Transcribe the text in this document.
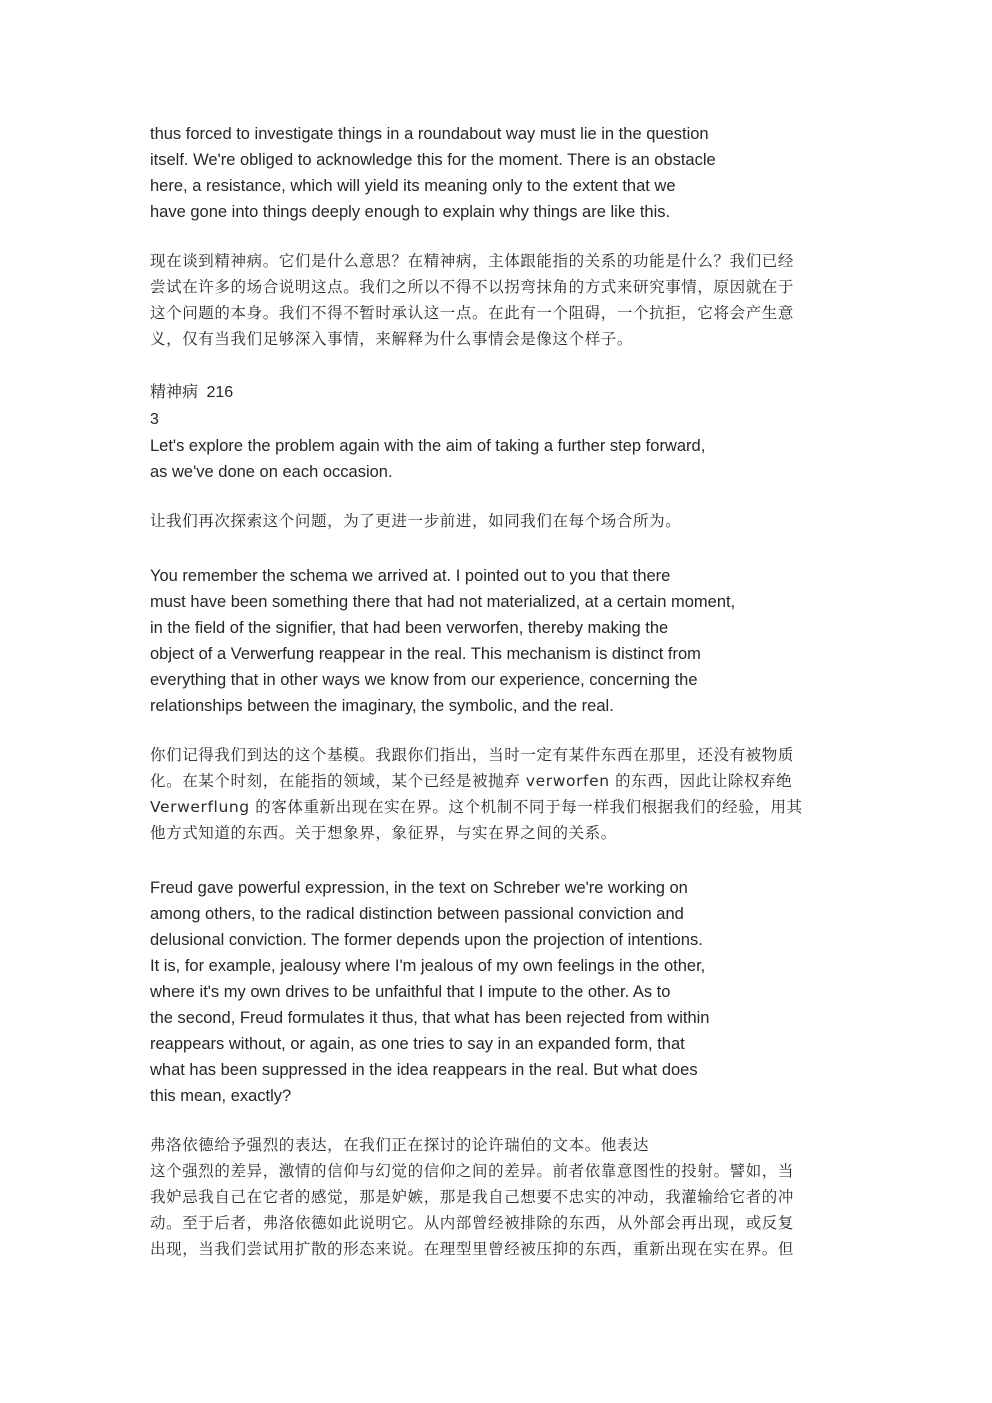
thus forced to investigate things in a roundabout way must lie in the question
itself. We're obliged to acknowledge this for the moment. There is an obstacle
here, a resistance, which will yield its meaning only to the extent that we
have gone into things deeply enough to explain why things are like this.
现在谈到精神病。它们是什么意思？在精神病，主体跟能指的关系的功能是什么？我们已经
尝试在许多的场合说明这点。我们之所以不得不以拐弯抹角的方式来研究事情，原因就在于
这个问题的本身。我们不得不暂时承认这一点。在此有一个阻碍，一个抗拒，它将会产生意
义，仅有当我们足够深入事情，来解释为什么事情会是像这个样子。
精神病 216
3
Let's explore the problem again with the aim of taking a further step forward,
as we've done on each occasion.
让我们再次探索这个问题，为了更进一步前进，如同我们在每个场合所为。
You remember the schema we arrived at. I pointed out to you that there
must have been something there that had not materialized, at a certain moment,
in the field of the signifier, that had been verworfen, thereby making the
object of a Verwerfung reappear in the real. This mechanism is distinct from
everything that in other ways we know from our experience, concerning the
relationships between the imaginary, the symbolic, and the real.
你们记得我们到达的这个基模。我跟你们指出，当时一定有某件东西在那里，还没有被物质
化。在某个时刻，在能指的领域，某个已经是被抛弃 verworfen 的东西，因此让除权弃绝
Verwerflung 的客体重新出现在实在界。这个机制不同于每一样我们根据我们的经验，用其
他方式知道的东西。关于想象界，象征界，与实在界之间的关系。
Freud gave powerful expression, in the text on Schreber we're working on
among others, to the radical distinction between passional conviction and
delusional conviction. The former depends upon the projection of intentions.
It is, for example, jealousy where I'm jealous of my own feelings in the other,
where it's my own drives to be unfaithful that I impute to the other. As to
the second, Freud formulates it thus, that what has been rejected from within
reappears without, or again, as one tries to say in an expanded form, that
what has been suppressed in the idea reappears in the real. But what does
this mean, exactly?
弗洛依德给予强烈的表达，在我们正在探讨的论许瑞伯的文本。他表达
这个强烈的差异，激情的信仰与幻觉的信仰之间的差异。前者依靠意图性的投射。譬如，当
我妒忌我自己在它者的感觉，那是妒嫉，那是我自己想要不忠实的冲动，我灌输给它者的冲
动。至于后者，弗洛依德如此说明它。从内部曾经被排除的东西，从外部会再出现，或反复
出现，当我们尝试用扩散的形态来说。在理型里曾经被压抑的东西，重新出现在实在界。但
